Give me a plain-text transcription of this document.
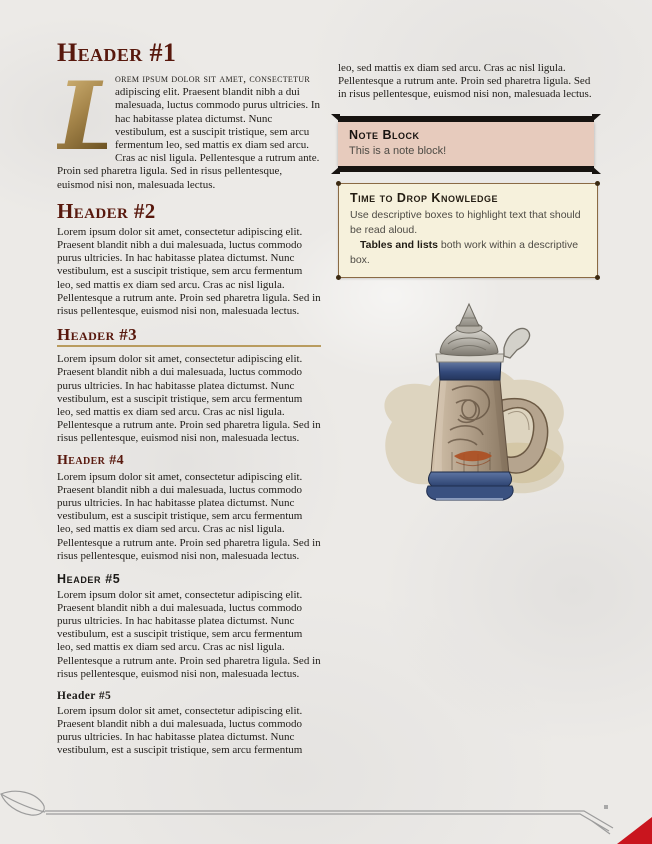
Header #1

L
orem ipsum dolor sit amet, consectetur adipiscing elit. Praesent blandit nibh a dui malesuada, luctus commodo purus ultricies. In hac habitasse platea dictumst. Nunc vestibulum, est a suscipit tristique, sem arcu fermentum leo, sed mattis ex diam sed arcu. Cras ac nisl ligula. Pellentesque a rutrum ante. Proin sed pharetra ligula. Sed in risus pellentesque, euismod nisi non, malesuada lectus.

Header #2

Lorem ipsum dolor sit amet, consectetur adipiscing elit. Praesent blandit nibh a dui malesuada, luctus commodo purus ultricies. In hac habitasse platea dictumst. Nunc vestibulum, est a suscipit tristique, sem arcu fermentum leo, sed mattis ex diam sed arcu. Cras ac nisl ligula. Pellentesque a rutrum ante. Proin sed pharetra ligula. Sed in risus pellentesque, euismod nisi non, malesuada lectus.

Header #3

Lorem ipsum dolor sit amet, consectetur adipiscing elit. Praesent blandit nibh a dui malesuada, luctus commodo purus ultricies. In hac habitasse platea dictumst. Nunc vestibulum, est a suscipit tristique, sem arcu fermentum leo, sed mattis ex diam sed arcu. Cras ac nisl ligula. Pellentesque a rutrum ante. Proin sed pharetra ligula. Sed in risus pellentesque, euismod nisi non, malesuada lectus.

Header #4

Lorem ipsum dolor sit amet, consectetur adipiscing elit. Praesent blandit nibh a dui malesuada, luctus commodo purus ultricies. In hac habitasse platea dictumst. Nunc vestibulum, est a suscipit tristique, sem arcu fermentum leo, sed mattis ex diam sed arcu. Cras ac nisl ligula. Pellentesque a rutrum ante. Proin sed pharetra ligula. Sed in risus pellentesque, euismod nisi non, malesuada lectus.

Header #5

Lorem ipsum dolor sit amet, consectetur adipiscing elit. Praesent blandit nibh a dui malesuada, luctus commodo purus ultricies. In hac habitasse platea dictumst. Nunc vestibulum, est a suscipit tristique, sem arcu fermentum leo, sed mattis ex diam sed arcu. Cras ac nisl ligula. Pellentesque a rutrum ante. Proin sed pharetra ligula. Sed in risus pellentesque, euismod nisi non, malesuada lectus.

Header #5

Lorem ipsum dolor sit amet, consectetur adipiscing elit. Praesent blandit nibh a dui malesuada, luctus commodo purus ultricies. In hac habitasse platea dictumst. Nunc vestibulum, est a suscipit tristique, sem arcu fermentum

leo, sed mattis ex diam sed arcu. Cras ac nisl ligula. Pellentesque a rutrum ante. Proin sed pharetra ligula. Sed in risus pellentesque, euismod nisi non, malesuada lectus.

Note Block
This is a note block!
Time to Drop Knowledge

Use descriptive boxes to highlight text that should be read aloud.

Tables and lists both work within a descriptive box.
